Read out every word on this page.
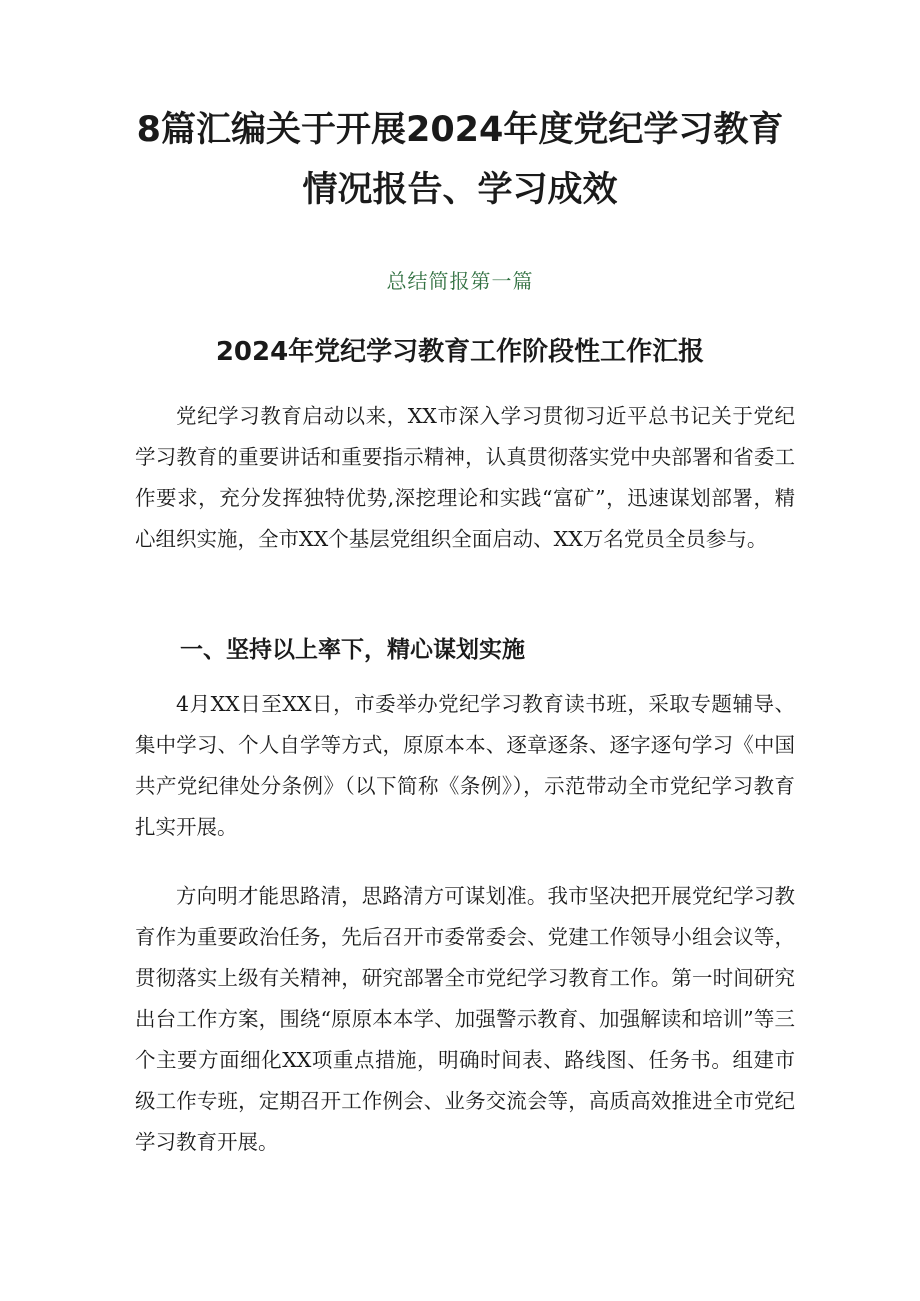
8篇汇编关于开展2024年度党纪学习教育
情况报告、学习成效

总结简报第一篇

2024年党纪学习教育工作阶段性工作汇报

党纪学习教育启动以来，XX市深入学习贯彻习近平总书记关于党纪学习教育的重要讲话和重要指示精神，认真贯彻落实党中央部署和省委工作要求，充分发挥独特优势,深挖理论和实践“富矿”，迅速谋划部署，精心组织实施，全市XX个基层党组织全面启动、XX万名党员全员参与。

一、坚持以上率下，精心谋划实施

4月XX日至XX日，市委举办党纪学习教育读书班，采取专题辅导、集中学习、个人自学等方式，原原本本、逐章逐条、逐字逐句学习《中国共产党纪律处分条例》（以下简称《条例》），示范带动全市党纪学习教育扎实开展。

方向明才能思路清，思路清方可谋划准。我市坚决把开展党纪学习教育作为重要政治任务，先后召开市委常委会、党建工作领导小组会议等，贯彻落实上级有关精神，研究部署全市党纪学习教育工作。第一时间研究出台工作方案，围绕“原原本本学、加强警示教育、加强解读和培训”等三个主要方面细化XX项重点措施，明确时间表、路线图、任务书。组建市级工作专班，定期召开工作例会、业务交流会等，高质高效推进全市党纪学习教育开展。
